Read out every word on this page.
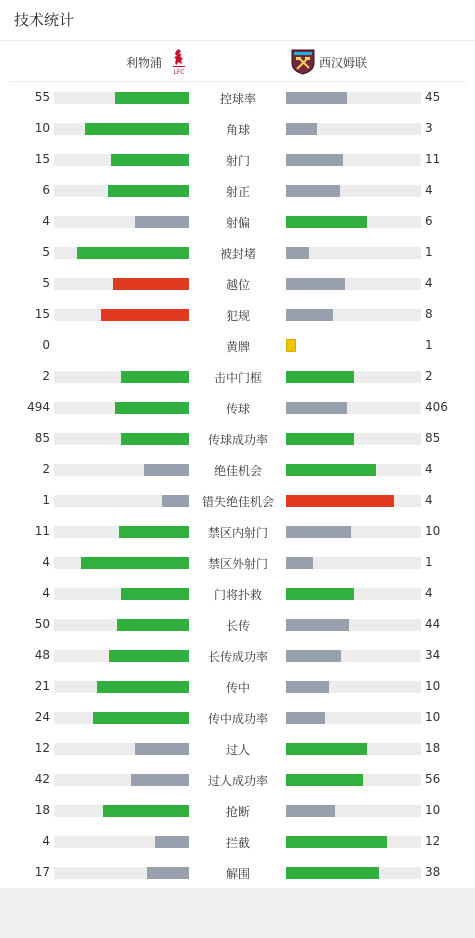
技术统计
利物浦
LFC
西汉姆联
55	控球率	45
10	角球	3
15	射门	11
6	射正	4
4	射偏	6
5	被封堵	1
5	越位	4
15	犯规	8
0	黄牌	1
2	击中门框	2
494	传球	406
85	传球成功率	85
2	绝佳机会	4
1	错失绝佳机会	4
11	禁区内射门	10
4	禁区外射门	1
4	门将扑救	4
50	长传	44
48	长传成功率	34
21	传中	10
24	传中成功率	10
12	过人	18
42	过人成功率	56
18	抢断	10
4	拦截	12
17	解围	38
